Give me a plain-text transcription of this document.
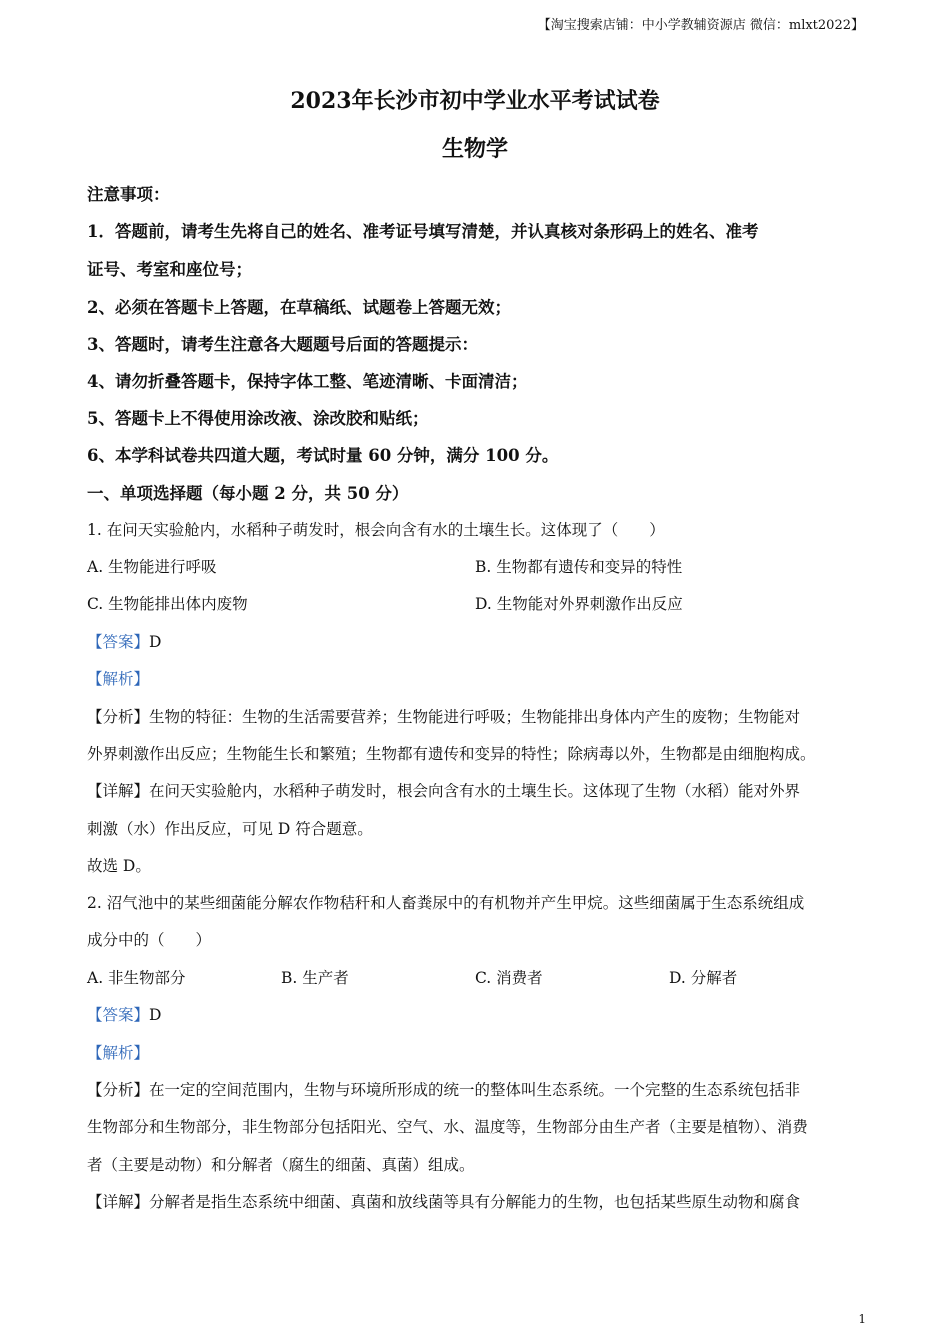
【淘宝搜索店铺：中小学教辅资源店 微信：mlxt2022】
2023年长沙市初中学业水平考试试卷
生物学
注意事项：
1．答题前，请考生先将自己的姓名、准考证号填写清楚，并认真核对条形码上的姓名、准考
证号、考室和座位号；
2、必须在答题卡上答题，在草稿纸、试题卷上答题无效；
3、答题时，请考生注意各大题题号后面的答题提示：
4、请勿折叠答题卡，保持字体工整、笔迹清晰、卡面清洁；
5、答题卡上不得使用涂改液、涂改胶和贴纸；
6、本学科试卷共四道大题，考试时量 60 分钟，满分 100 分。
一、单项选择题（每小题 2 分，共 50 分）
1. 在问天实验舱内，水稻种子萌发时，根会向含有水的土壤生长。这体现了（　　）
A. 生物能进行呼吸	B. 生物都有遗传和变异的特性
C. 生物能排出体内废物	D. 生物能对外界刺激作出反应
【答案】D
【解析】
【分析】生物的特征：生物的生活需要营养；生物能进行呼吸；生物能排出身体内产生的废物；生物能对
外界刺激作出反应；生物能生长和繁殖；生物都有遗传和变异的特性；除病毒以外，生物都是由细胞构成。
【详解】在问天实验舱内，水稻种子萌发时，根会向含有水的土壤生长。这体现了生物（水稻）能对外界
刺激（水）作出反应，可见 D 符合题意。
故选 D。
2. 沼气池中的某些细菌能分解农作物秸秆和人畜粪尿中的有机物并产生甲烷。这些细菌属于生态系统组成
成分中的（　　）
A. 非生物部分	B. 生产者	C. 消费者	D. 分解者
【答案】D
【解析】
【分析】在一定的空间范围内，生物与环境所形成的统一的整体叫生态系统。一个完整的生态系统包括非
生物部分和生物部分，非生物部分包括阳光、空气、水、温度等，生物部分由生产者（主要是植物）、消费
者（主要是动物）和分解者（腐生的细菌、真菌）组成。
【详解】分解者是指生态系统中细菌、真菌和放线菌等具有分解能力的生物，也包括某些原生动物和腐食
1
